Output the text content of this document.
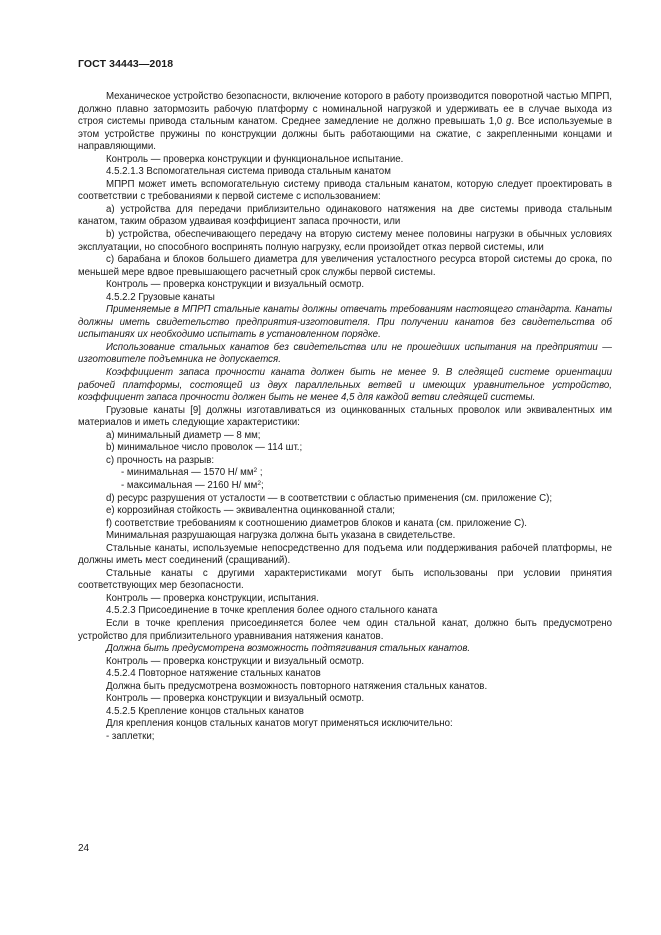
ГОСТ 34443—2018

Механическое устройство безопасности, включение которого в работу производится поворотной частью МПРП, должно плавно затормозить рабочую платформу с номинальной нагрузкой и удерживать ее в случае выхода из строя системы привода стальным канатом. Среднее замедление не должно превышать 1,0 g. Все используемые в этом устройстве пружины по конструкции должны быть работающими на сжатие, с закрепленными концами и направляющими.

Контроль — проверка конструкции и функциональное испытание.

4.5.2.1.3 Вспомогательная система привода стальным канатом

МПРП может иметь вспомогательную систему привода стальным канатом, которую следует проектировать в соответствии с требованиями к первой системе с использованием:

a) устройства для передачи приблизительно одинакового натяжения на две системы привода стальным канатом, таким образом удваивая коэффициент запаса прочности, или

b) устройства, обеспечивающего передачу на вторую систему менее половины нагрузки в обычных условиях эксплуатации, но способного воспринять полную нагрузку, если произойдет отказ первой системы, или

c) барабана и блоков большего диаметра для увеличения усталостного ресурса второй системы до срока, по меньшей мере вдвое превышающего расчетный срок службы первой системы.

Контроль — проверка конструкции и визуальный осмотр.

4.5.2.2 Грузовые канаты

Применяемые в МПРП стальные канаты должны отвечать требованиям настоящего стандарта. Канаты должны иметь свидетельство предприятия-изготовителя. При получении канатов без свидетельства об испытаниях их необходимо испытать в установленном порядке.

Использование стальных канатов без свидетельства или не прошедших испытания на предприятии — изготовителе подъемника не допускается.

Коэффициент запаса прочности каната должен быть не менее 9. В следящей системе ориентации рабочей платформы, состоящей из двух параллельных ветвей и имеющих уравнительное устройство, коэффициент запаса прочности должен быть не менее 4,5 для каждой ветви следящей системы.

Грузовые канаты [9] должны изготавливаться из оцинкованных стальных проволок или эквивалентных им материалов и иметь следующие характеристики:

a) минимальный диаметр — 8 мм;

b) минимальное число проволок — 114 шт.;

c) прочность на разрыв:

- минимальная — 1570 Н/ $мм^2$ ;

- максимальная — 2160 Н/ $мм^2$;

d) ресурс разрушения от усталости — в соответствии с областью применения (см. приложение С);

e) коррозийная стойкость — эквивалентна оцинкованной стали;

f) соответствие требованиям к соотношению диаметров блоков и каната (см. приложение С).

Минимальная разрушающая нагрузка должна быть указана в свидетельстве.

Стальные канаты, используемые непосредственно для подъема или поддерживания рабочей платформы, не должны иметь мест соединений (сращиваний).

Стальные канаты с другими характеристиками могут быть использованы при условии принятия соответствующих мер безопасности.

Контроль — проверка конструкции, испытания.

4.5.2.3 Присоединение в точке крепления более одного стального каната

Если в точке крепления присоединяется более чем один стальной канат, должно быть предусмотрено устройство для приблизительного уравнивания натяжения канатов.

Должна быть предусмотрена возможность подтягивания стальных канатов.

Контроль — проверка конструкции и визуальный осмотр.

4.5.2.4 Повторное натяжение стальных канатов

Должна быть предусмотрена возможность повторного натяжения стальных канатов.

Контроль — проверка конструкции и визуальный осмотр.

4.5.2.5 Крепление концов стальных канатов

Для крепления концов стальных канатов могут применяться исключительно:

- заплетки;

24
